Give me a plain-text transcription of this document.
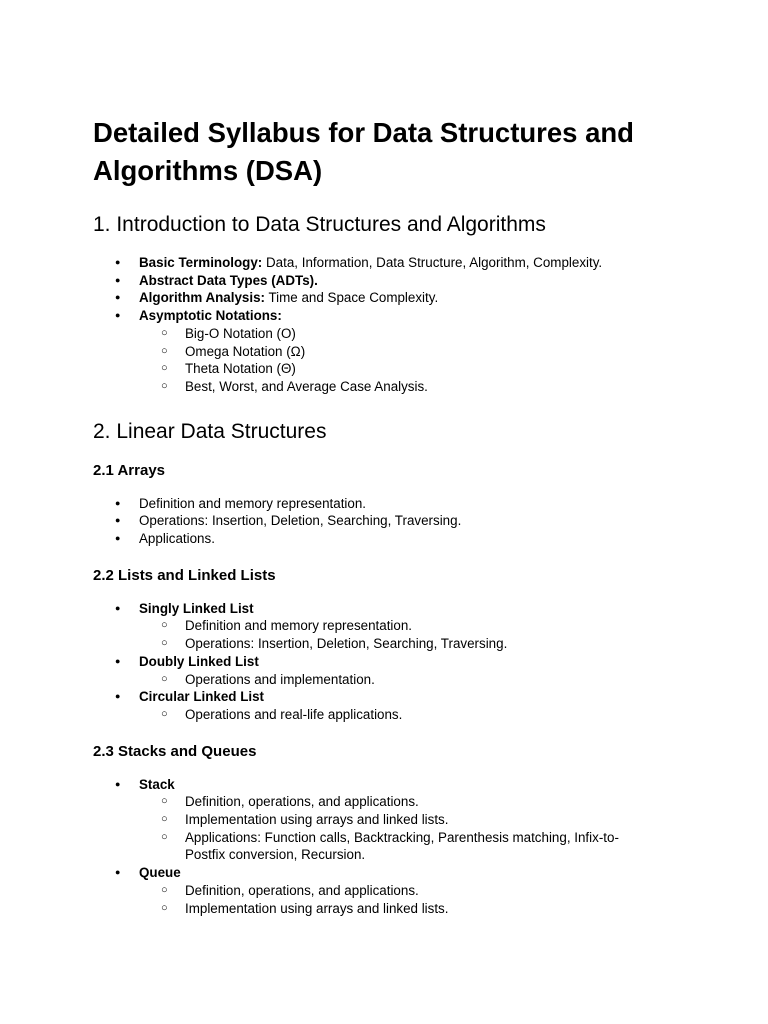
Detailed Syllabus for Data Structures and Algorithms (DSA)
1. Introduction to Data Structures and Algorithms
● Basic Terminology: Data, Information, Data Structure, Algorithm, Complexity.
● Abstract Data Types (ADTs).
● Algorithm Analysis: Time and Space Complexity.
● Asymptotic Notations:
○ Big-O Notation (O)
○ Omega Notation (Ω)
○ Theta Notation (Θ)
○ Best, Worst, and Average Case Analysis.
2. Linear Data Structures
2.1 Arrays
● Definition and memory representation.
● Operations: Insertion, Deletion, Searching, Traversing.
● Applications.
2.2 Lists and Linked Lists
● Singly Linked List
○ Definition and memory representation.
○ Operations: Insertion, Deletion, Searching, Traversing.
● Doubly Linked List
○ Operations and implementation.
● Circular Linked List
○ Operations and real-life applications.
2.3 Stacks and Queues
● Stack
○ Definition, operations, and applications.
○ Implementation using arrays and linked lists.
○ Applications: Function calls, Backtracking, Parenthesis matching, Infix-to-Postfix conversion, Recursion.
● Queue
○ Definition, operations, and applications.
○ Implementation using arrays and linked lists.
